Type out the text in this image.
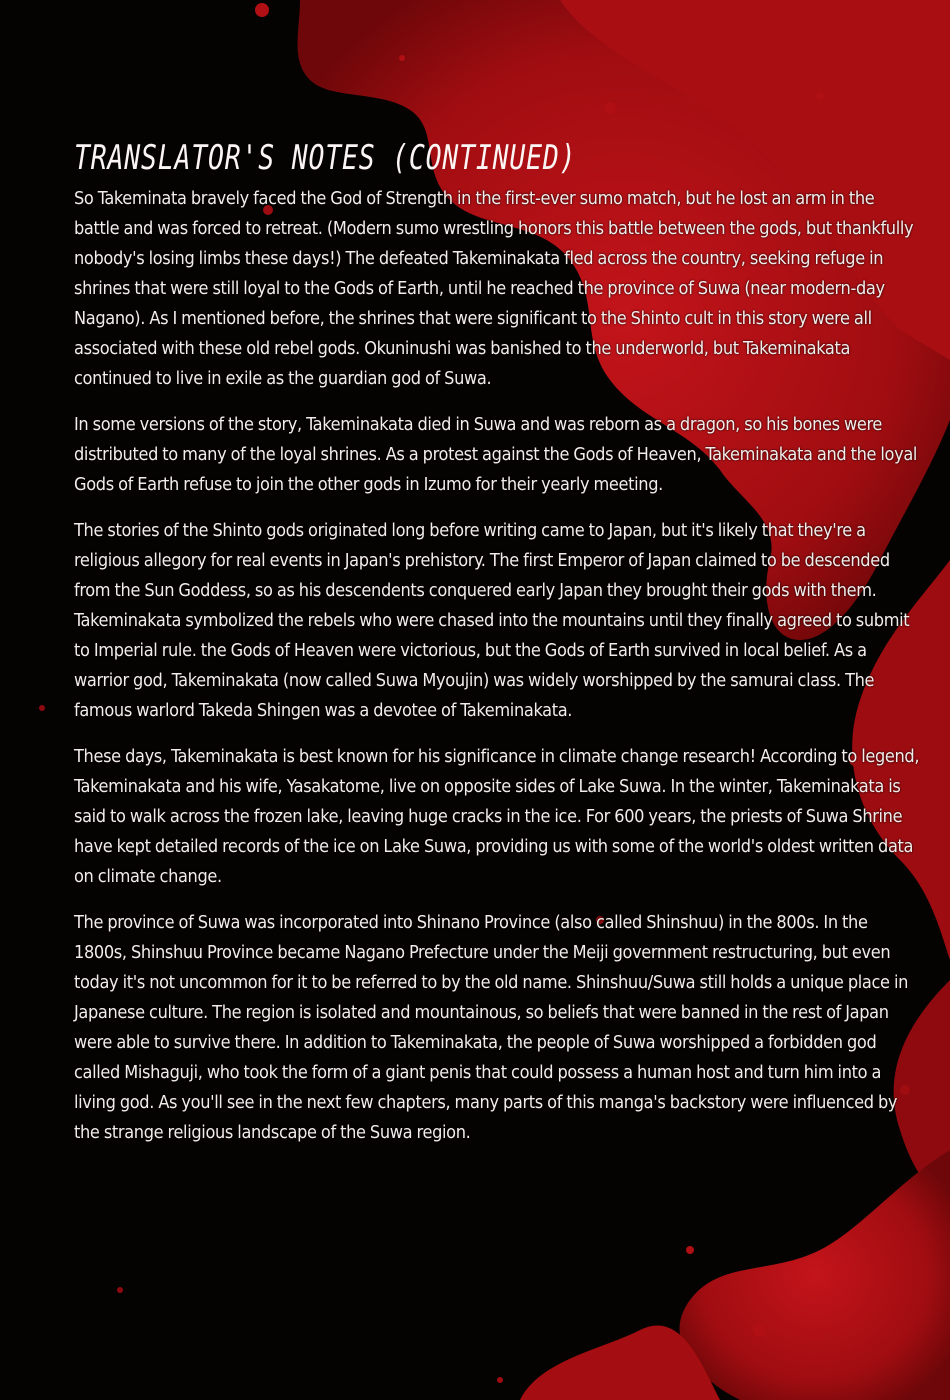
TRANSLATOR'S NOTES (CONTINUED)

So Takeminata bravely faced the God of Strength in the first-ever sumo match, but he lost an arm in the battle and was forced to retreat. (Modern sumo wrestling honors this battle between the gods, but thankfully nobody's losing limbs these days!) The defeated Takeminakata fled across the country, seeking refuge in shrines that were still loyal to the Gods of Earth, until he reached the province of Suwa (near modern-day Nagano). As I mentioned before, the shrines that were significant to the Shinto cult in this story were all associated with these old rebel gods. Okuninushi was banished to the underworld, but Takeminakata continued to live in exile as the guardian god of Suwa.

In some versions of the story, Takeminakata died in Suwa and was reborn as a dragon, so his bones were distributed to many of the loyal shrines. As a protest against the Gods of Heaven, Takeminakata and the loyal Gods of Earth refuse to join the other gods in Izumo for their yearly meeting.

The stories of the Shinto gods originated long before writing came to Japan, but it's likely that they're a religious allegory for real events in Japan's prehistory. The first Emperor of Japan claimed to be descended from the Sun Goddess, so as his descendents conquered early Japan they brought their gods with them. Takeminakata symbolized the rebels who were chased into the mountains until they finally agreed to submit to Imperial rule. the Gods of Heaven were victorious, but the Gods of Earth survived in local belief. As a warrior god, Takeminakata (now called Suwa Myoujin) was widely worshipped by the samurai class. The famous warlord Takeda Shingen was a devotee of Takeminakata.

These days, Takeminakata is best known for his significance in climate change research! According to legend, Takeminakata and his wife, Yasakatome, live on opposite sides of Lake Suwa. In the winter, Takeminakata is said to walk across the frozen lake, leaving huge cracks in the ice. For 600 years, the priests of Suwa Shrine have kept detailed records of the ice on Lake Suwa, providing us with some of the world's oldest written data on climate change.

The province of Suwa was incorporated into Shinano Province (also called Shinshuu) in the 800s. In the 1800s, Shinshuu Province became Nagano Prefecture under the Meiji government restructuring, but even today it's not uncommon for it to be referred to by the old name. Shinshuu/Suwa still holds a unique place in Japanese culture. The region is isolated and mountainous, so beliefs that were banned in the rest of Japan were able to survive there. In addition to Takeminakata, the people of Suwa worshipped a forbidden god called Mishaguji, who took the form of a giant penis that could possess a human host and turn him into a living god. As you'll see in the next few chapters, many parts of this manga's backstory were influenced by the strange religious landscape of the Suwa region.
